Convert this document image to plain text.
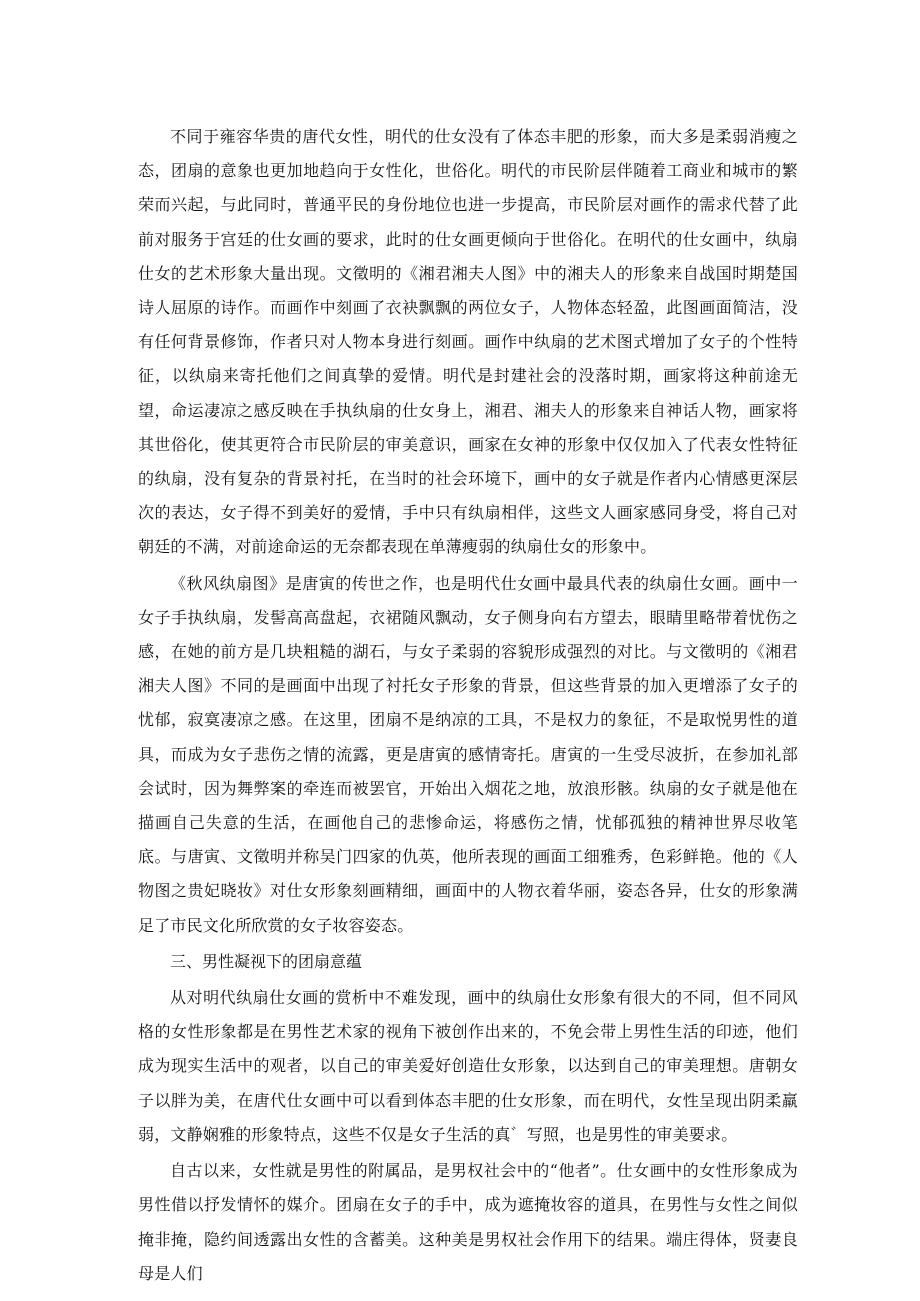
不同于雍容华贵的唐代女性，明代的仕女没有了体态丰肥的形象，而大多是柔弱消瘦之态，团扇的意象也更加地趋向于女性化，世俗化。明代的市民阶层伴随着工商业和城市的繁荣而兴起，与此同时，普通平民的身份地位也进一步提高，市民阶层对画作的需求代替了此前对服务于宫廷的仕女画的要求，此时的仕女画更倾向于世俗化。在明代的仕女画中，纨扇仕女的艺术形象大量出现。文徵明的《湘君湘夫人图》中的湘夫人的形象来自战国时期楚国诗人屈原的诗作。而画作中刻画了衣袂飘飘的两位女子，人物体态轻盈，此图画面简洁，没有任何背景修饰，作者只对人物本身进行刻画。画作中纨扇的艺术图式增加了女子的个性特征，以纨扇来寄托他们之间真挚的爱情。明代是封建社会的没落时期，画家将这种前途无望，命运凄凉之感反映在手执纨扇的仕女身上，湘君、湘夫人的形象来自神话人物，画家将其世俗化，使其更符合市民阶层的审美意识，画家在女神的形象中仅仅加入了代表女性特征的纨扇，没有复杂的背景衬托，在当时的社会环境下，画中的女子就是作者内心情感更深层次的表达，女子得不到美好的爱情，手中只有纨扇相伴，这些文人画家感同身受，将自己对朝廷的不满，对前途命运的无奈都表现在单薄瘦弱的纨扇仕女的形象中。

《秋风纨扇图》是唐寅的传世之作，也是明代仕女画中最具代表的纨扇仕女画。画中一女子手执纨扇，发髻高高盘起，衣裙随风飘动，女子侧身向右方望去，眼睛里略带着忧伤之感，在她的前方是几块粗糙的湖石，与女子柔弱的容貌形成强烈的对比。与文徵明的《湘君湘夫人图》不同的是画面中出现了衬托女子形象的背景，但这些背景的加入更增添了女子的忧郁，寂寞凄凉之感。在这里，团扇不是纳凉的工具，不是权力的象征，不是取悦男性的道具，而成为女子悲伤之情的流露，更是唐寅的感情寄托。唐寅的一生受尽波折，在参加礼部会试时，因为舞弊案的牵连而被罢官，开始出入烟花之地，放浪形骸。纨扇的女子就是他在描画自己失意的生活，在画他自己的悲惨命运，将感伤之情，忧郁孤独的精神世界尽收笔底。与唐寅、文徵明并称吴门四家的仇英，他所表现的画面工细雅秀，色彩鲜艳。他的《人物图之贵妃晓妆》对仕女形象刻画精细，画面中的人物衣着华丽，姿态各异，仕女的形象满足了市民文化所欣赏的女子妆容姿态。

三、男性凝视下的团扇意蕴

从对明代纨扇仕女画的赏析中不难发现，画中的纨扇仕女形象有很大的不同，但不同风格的女性形象都是在男性艺术家的视角下被创作出来的，不免会带上男性生活的印迹，他们成为现实生活中的观者，以自己的审美爱好创造仕女形象，以达到自己的审美理想。唐朝女子以胖为美，在唐代仕女画中可以看到体态丰肥的仕女形象，而在明代，女性呈现出阴柔羸弱，文静娴雅的形象特点，这些不仅是女子生活的真゛写照，也是男性的审美要求。

自古以来，女性就是男性的附属品，是男权社会中的“他者”。仕女画中的女性形象成为男性借以抒发情怀的媒介。团扇在女子的手中，成为遮掩妆容的道具，在男性与女性之间似掩非掩，隐约间透露出女性的含蓄美。这种美是男权社会作用下的结果。端庄得体，贤妻良母是人们
